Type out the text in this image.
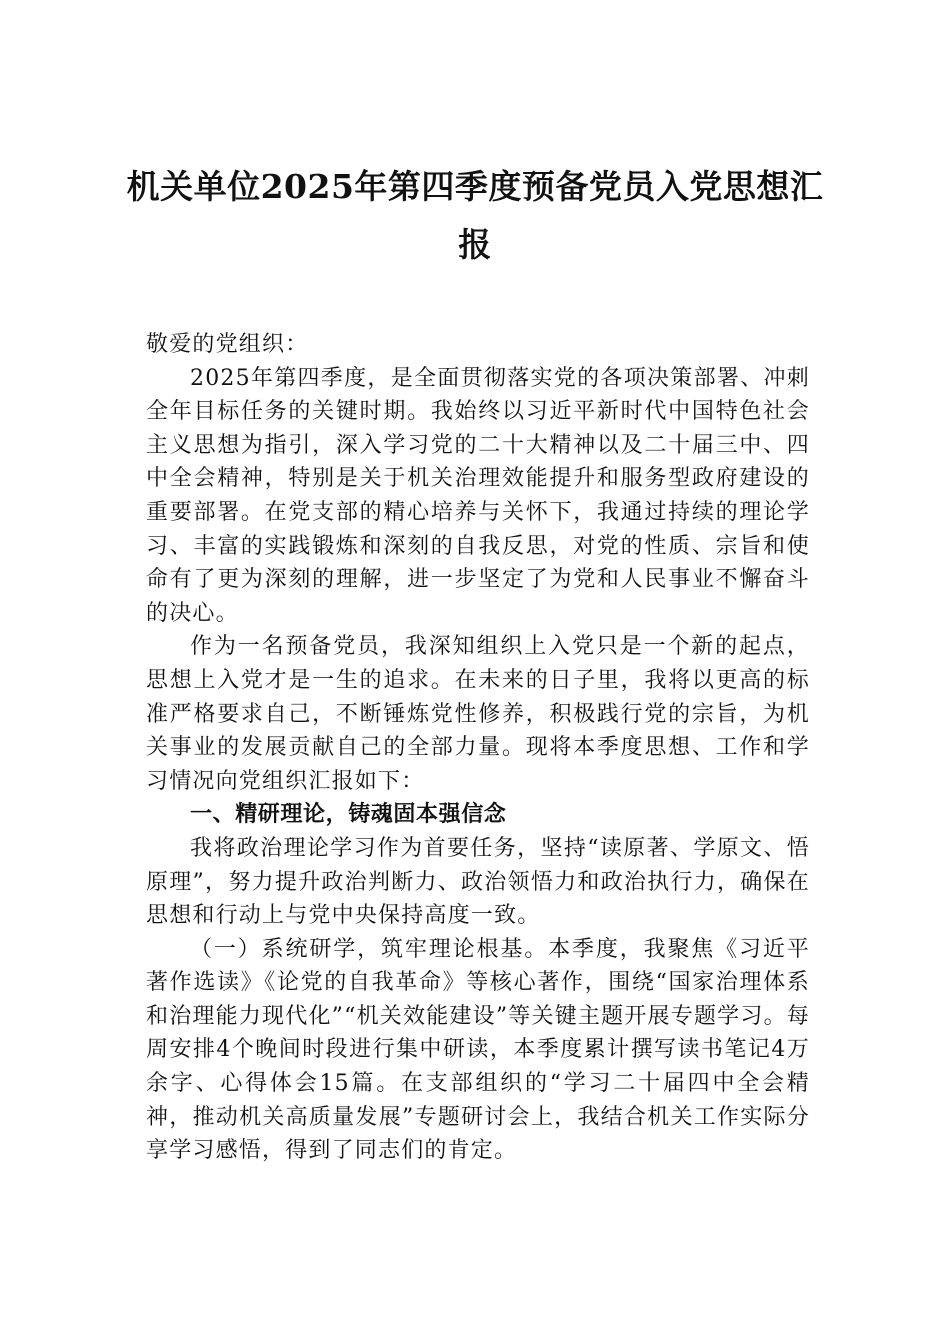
机关单位2025年第四季度预备党员入党思想汇报

敬爱的党组织：

2025年第四季度，是全面贯彻落实党的各项决策部署、冲刺全年目标任务的关键时期。我始终以习近平新时代中国特色社会主义思想为指引，深入学习党的二十大精神以及二十届三中、四中全会精神，特别是关于机关治理效能提升和服务型政府建设的重要部署。在党支部的精心培养与关怀下，我通过持续的理论学习、丰富的实践锻炼和深刻的自我反思，对党的性质、宗旨和使命有了更为深刻的理解，进一步坚定了为党和人民事业不懈奋斗的决心。

作为一名预备党员，我深知组织上入党只是一个新的起点，思想上入党才是一生的追求。在未来的日子里，我将以更高的标准严格要求自己，不断锤炼党性修养，积极践行党的宗旨，为机关事业的发展贡献自己的全部力量。现将本季度思想、工作和学习情况向党组织汇报如下：

一、精研理论，铸魂固本强信念

我将政治理论学习作为首要任务，坚持“读原著、学原文、悟原理”，努力提升政治判断力、政治领悟力和政治执行力，确保在思想和行动上与党中央保持高度一致。

（一）系统研学，筑牢理论根基。本季度，我聚焦《习近平著作选读》《论党的自我革命》等核心著作，围绕“国家治理体系和治理能力现代化”“机关效能建设”等关键主题开展专题学习。每周安排4个晚间时段进行集中研读，本季度累计撰写读书笔记4万余字、心得体会15篇。在支部组织的“学习二十届四中全会精神，推动机关高质量发展”专题研讨会上，我结合机关工作实际分享学习感悟，得到了同志们的肯定。
